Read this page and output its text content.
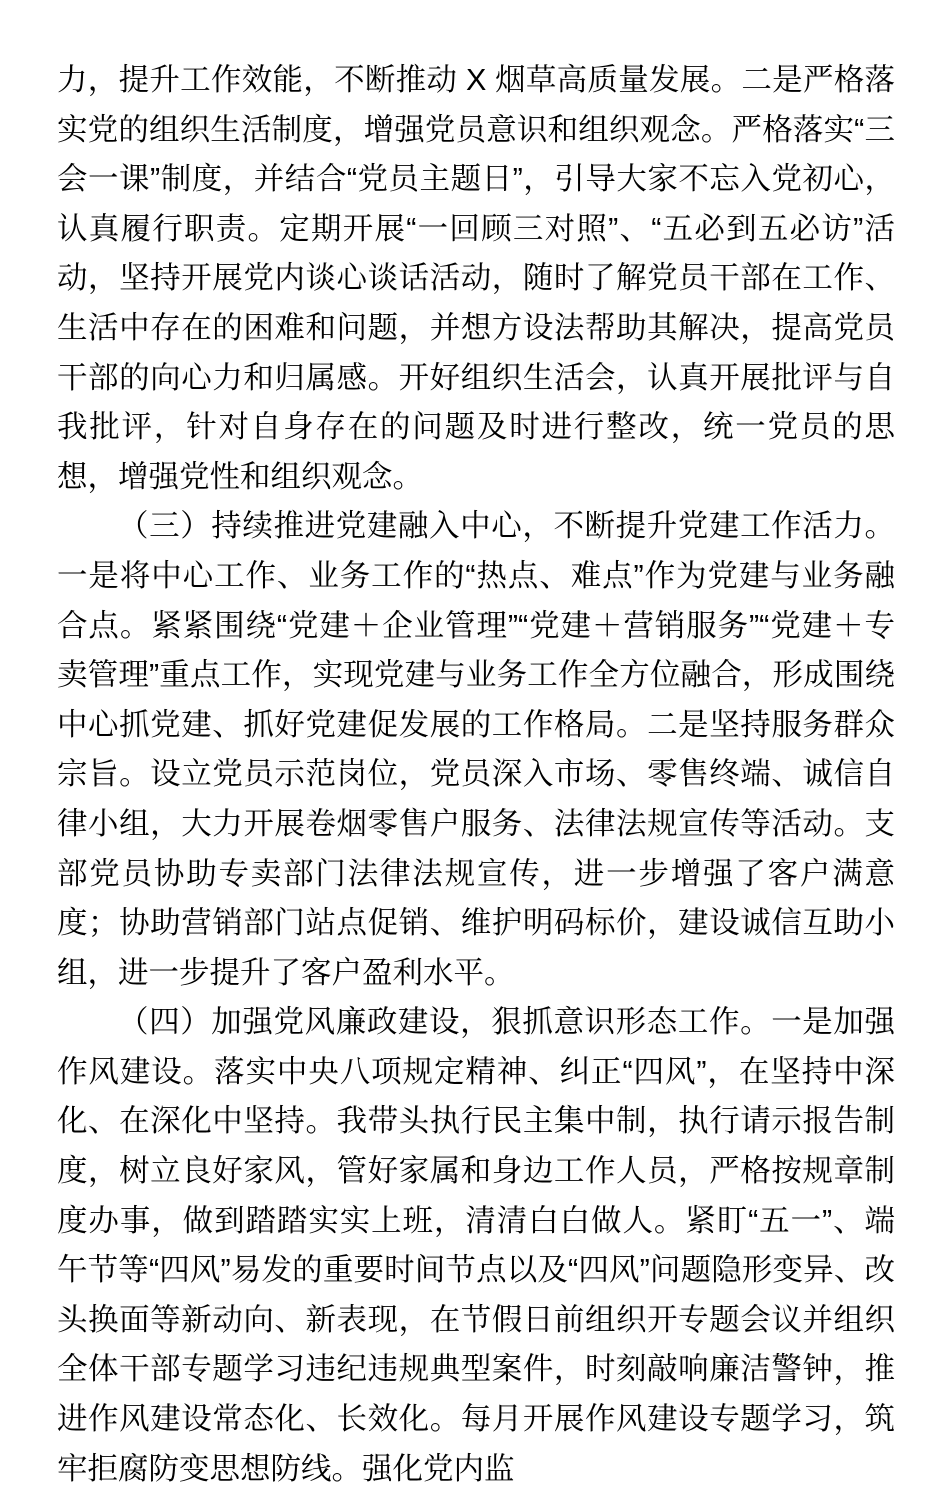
力，提升工作效能，不断推动 X 烟草高质量发展。二是严格落实党的组织生活制度，增强党员意识和组织观念。严格落实“三会一课”制度，并结合“党员主题日”，引导大家不忘入党初心，认真履行职责。定期开展“一回顾三对照”、“五必到五必访”活动，坚持开展党内谈心谈话活动，随时了解党员干部在工作、生活中存在的困难和问题，并想方设法帮助其解决，提高党员干部的向心力和归属感。开好组织生活会，认真开展批评与自我批评，针对自身存在的问题及时进行整改，统一党员的思想，增强党性和组织观念。

（三）持续推进党建融入中心，不断提升党建工作活力。一是将中心工作、业务工作的“热点、难点”作为党建与业务融合点。紧紧围绕“党建＋企业管理”“党建＋营销服务”“党建＋专卖管理”重点工作，实现党建与业务工作全方位融合，形成围绕中心抓党建、抓好党建促发展的工作格局。二是坚持服务群众宗旨。设立党员示范岗位，党员深入市场、零售终端、诚信自律小组，大力开展卷烟零售户服务、法律法规宣传等活动。支部党员协助专卖部门法律法规宣传，进一步增强了客户满意度；协助营销部门站点促销、维护明码标价，建设诚信互助小组，进一步提升了客户盈利水平。

（四）加强党风廉政建设，狠抓意识形态工作。一是加强作风建设。落实中央八项规定精神、纠正“四风”，在坚持中深化、在深化中坚持。我带头执行民主集中制，执行请示报告制度，树立良好家风，管好家属和身边工作人员，严格按规章制度办事，做到踏踏实实上班，清清白白做人。紧盯“五一”、端午节等“四风”易发的重要时间节点以及“四风”问题隐形变异、改头换面等新动向、新表现，在节假日前组织开专题会议并组织全体干部专题学习违纪违规典型案件，时刻敲响廉洁警钟，推进作风建设常态化、长效化。每月开展作风建设专题学习，筑牢拒腐防变思想防线。强化党内监
